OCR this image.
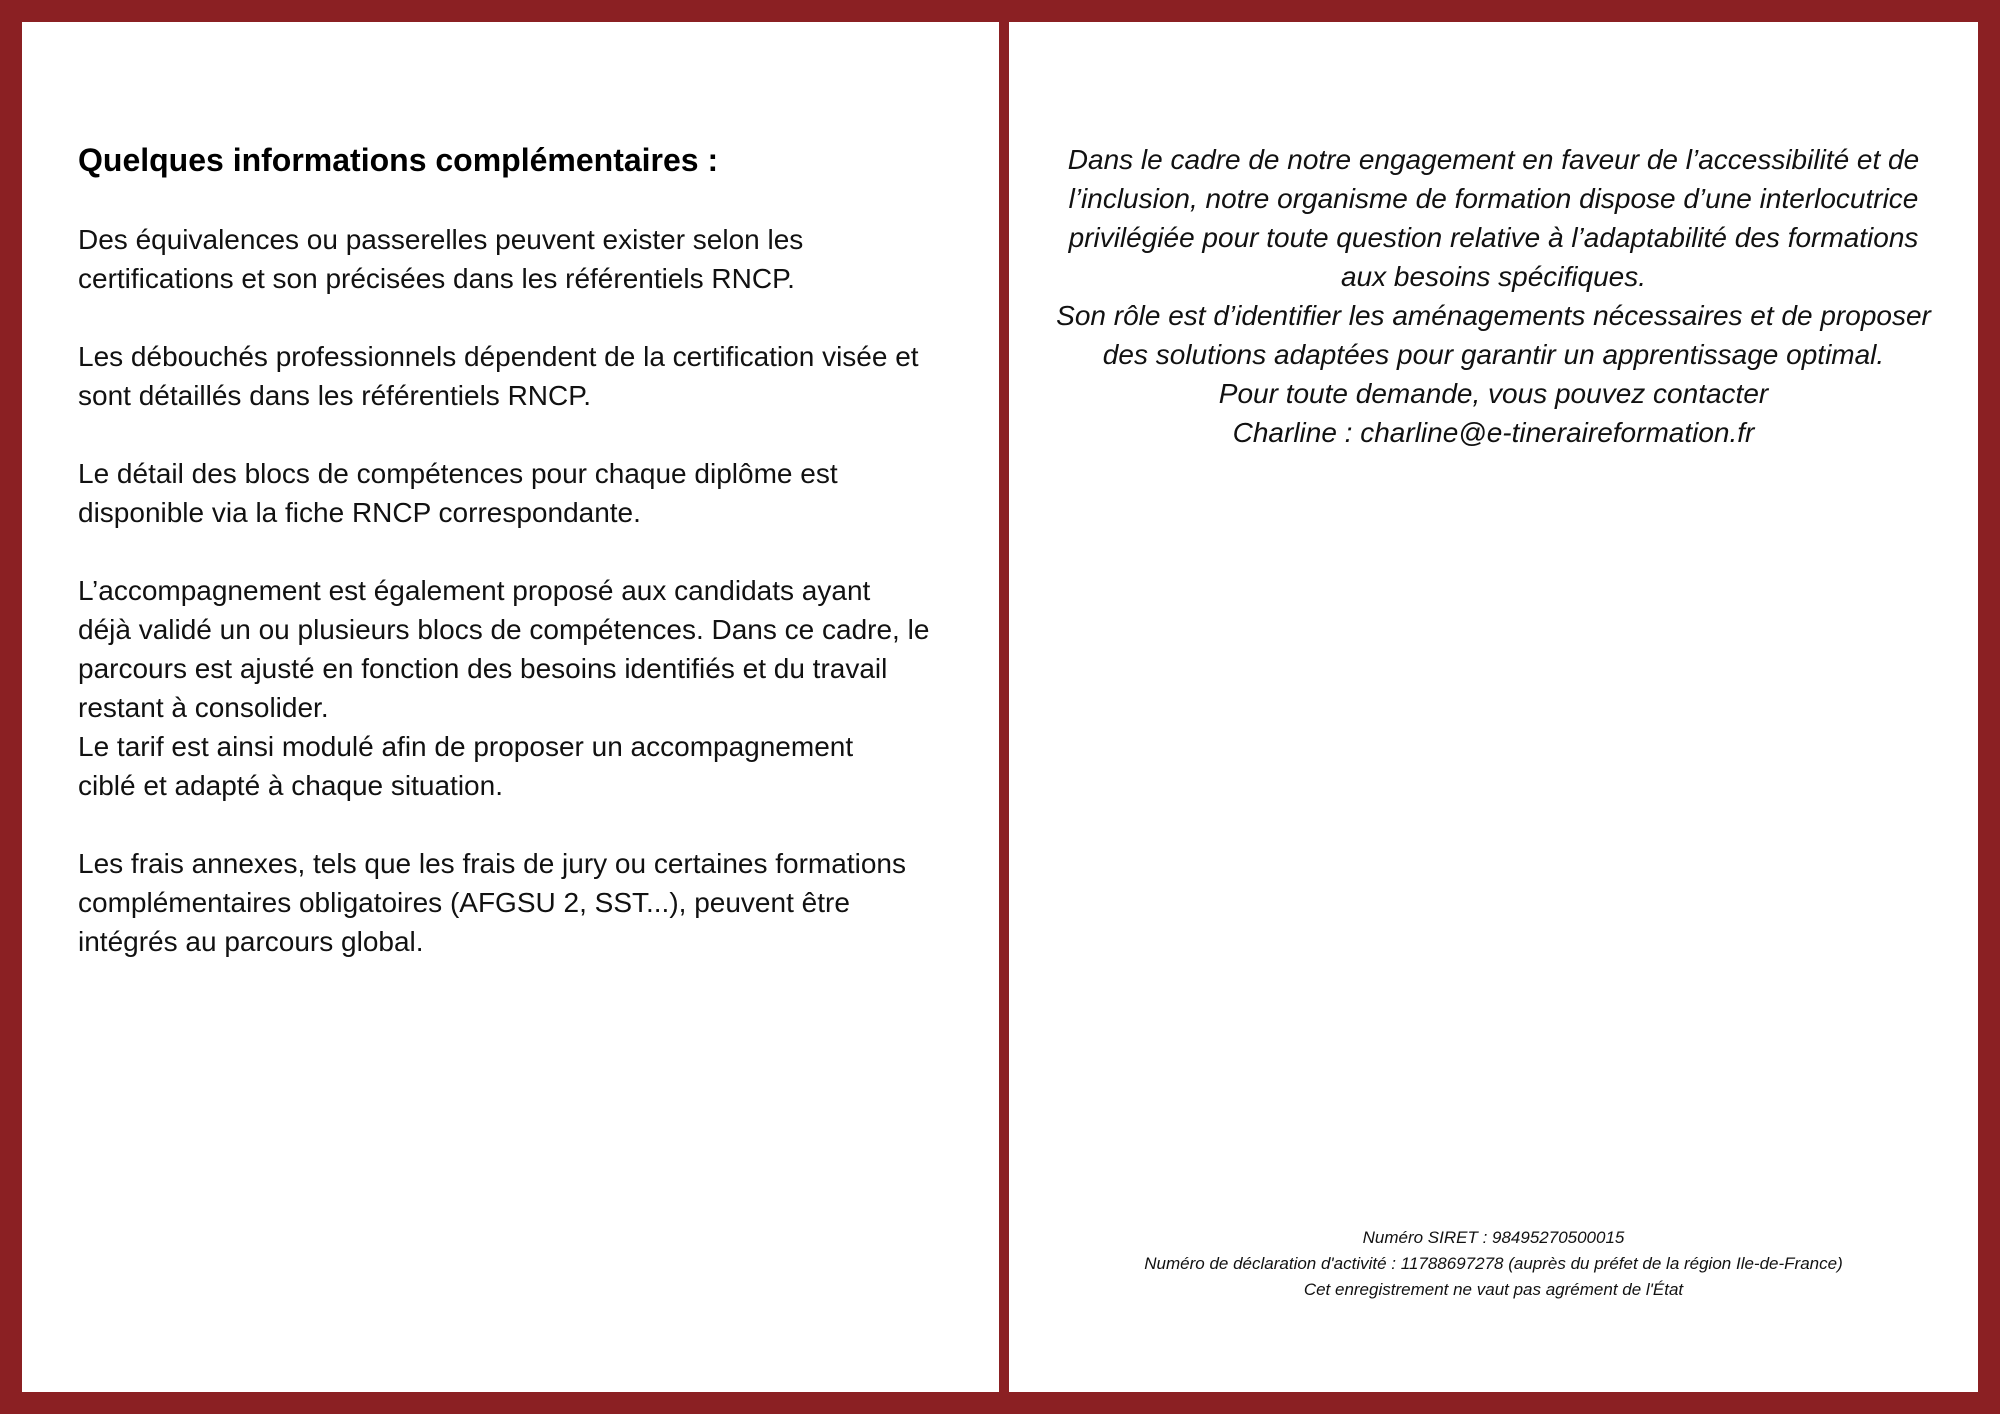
Quelques informations complémentaires :

Des équivalences ou passerelles peuvent exister selon les
certifications et son précisées dans les référentiels RNCP.

Les débouchés professionnels dépendent de la certification visée et
sont détaillés dans les référentiels RNCP.

Le détail des blocs de compétences pour chaque diplôme est
disponible via la fiche RNCP correspondante.

L’accompagnement est également proposé aux candidats ayant
déjà validé un ou plusieurs blocs de compétences. Dans ce cadre, le
parcours est ajusté en fonction des besoins identifiés et du travail
restant à consolider.
Le tarif est ainsi modulé afin de proposer un accompagnement
ciblé et adapté à chaque situation.

Les frais annexes, tels que les frais de jury ou certaines formations
complémentaires obligatoires (AFGSU 2, SST...), peuvent être
intégrés au parcours global.

Dans le cadre de notre engagement en faveur de l’accessibilité et de
l’inclusion, notre organisme de formation dispose d’une interlocutrice
privilégiée pour toute question relative à l’adaptabilité des formations
aux besoins spécifiques.
Son rôle est d’identifier les aménagements nécessaires et de proposer
des solutions adaptées pour garantir un apprentissage optimal.
Pour toute demande, vous pouvez contacter
Charline : charline@e-tineraireformation.fr
Numéro SIRET : 98495270500015
Numéro de déclaration d'activité : 11788697278 (auprès du préfet de la région Ile-de-France)
Cet enregistrement ne vaut pas agrément de l'État
